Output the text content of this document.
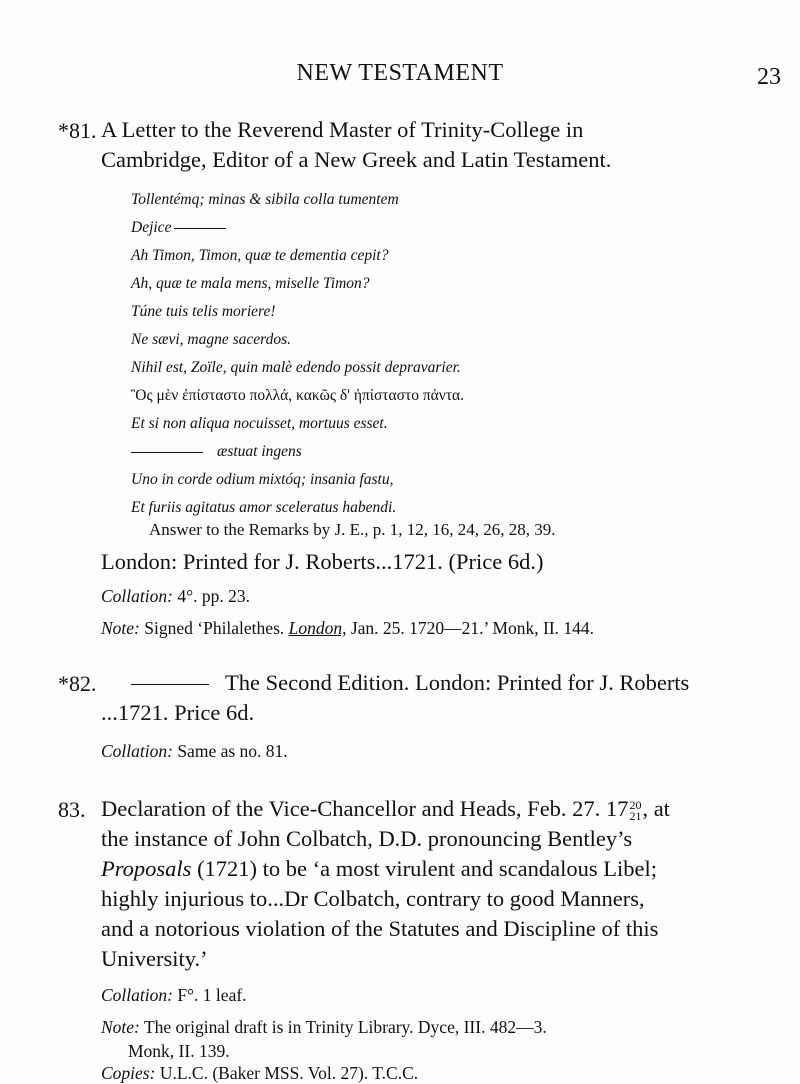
NEW TESTAMENT	23
*81. A Letter to the Reverend Master of Trinity-College in
Cambridge, Editor of a New Greek and Latin Testament.
Tollentémq; minas & sibila colla tumentem
Dejice
Ah Timon, Timon, quæ te dementia cepit?
Ah, quæ te mala mens, miselle Timon?
Túne tuis telis moriere!
Ne sævi, magne sacerdos.
Nihil est, Zoïle, quin malè edendo possit depravarier.
Ὃς μὲν ἐπίσταστο πολλά, κακῶς δ' ἠπίσταστο πάντα.
Et si non aliqua nocuisset, mortuus esset.
æstuat ingens
Uno in corde odium mixtóq; insania fastu,
Et furiis agitatus amor sceleratus habendi.
Answer to the Remarks by J. E., p. 1, 12, 16, 24, 26, 28, 39.
London: Printed for J. Roberts...1721. (Price 6d.)
Collation: 4°. pp. 23.
Note: Signed ‘Philalethes. London, Jan. 25. 1720—21.’ Monk, II. 144.
*82.	The Second Edition. London: Printed for J. Roberts
...1721. Price 6d.
Collation: Same as no. 81.
83. Declaration of the Vice-Chancellor and Heads, Feb. 27. 17 20
21 , at
the instance of John Colbatch, D.D. pronouncing Bentley’s
Proposals (1721) to be ‘a most virulent and scandalous Libel;
highly injurious to...Dr Colbatch, contrary to good Manners,
and a notorious violation of the Statutes and Discipline of this
University.’
Collation: F°. 1 leaf.
Note: The original draft is in Trinity Library. Dyce, III. 482—3.
Monk, II. 139.
Copies: U.L.C. (Baker MSS. Vol. 27). T.C.C.
